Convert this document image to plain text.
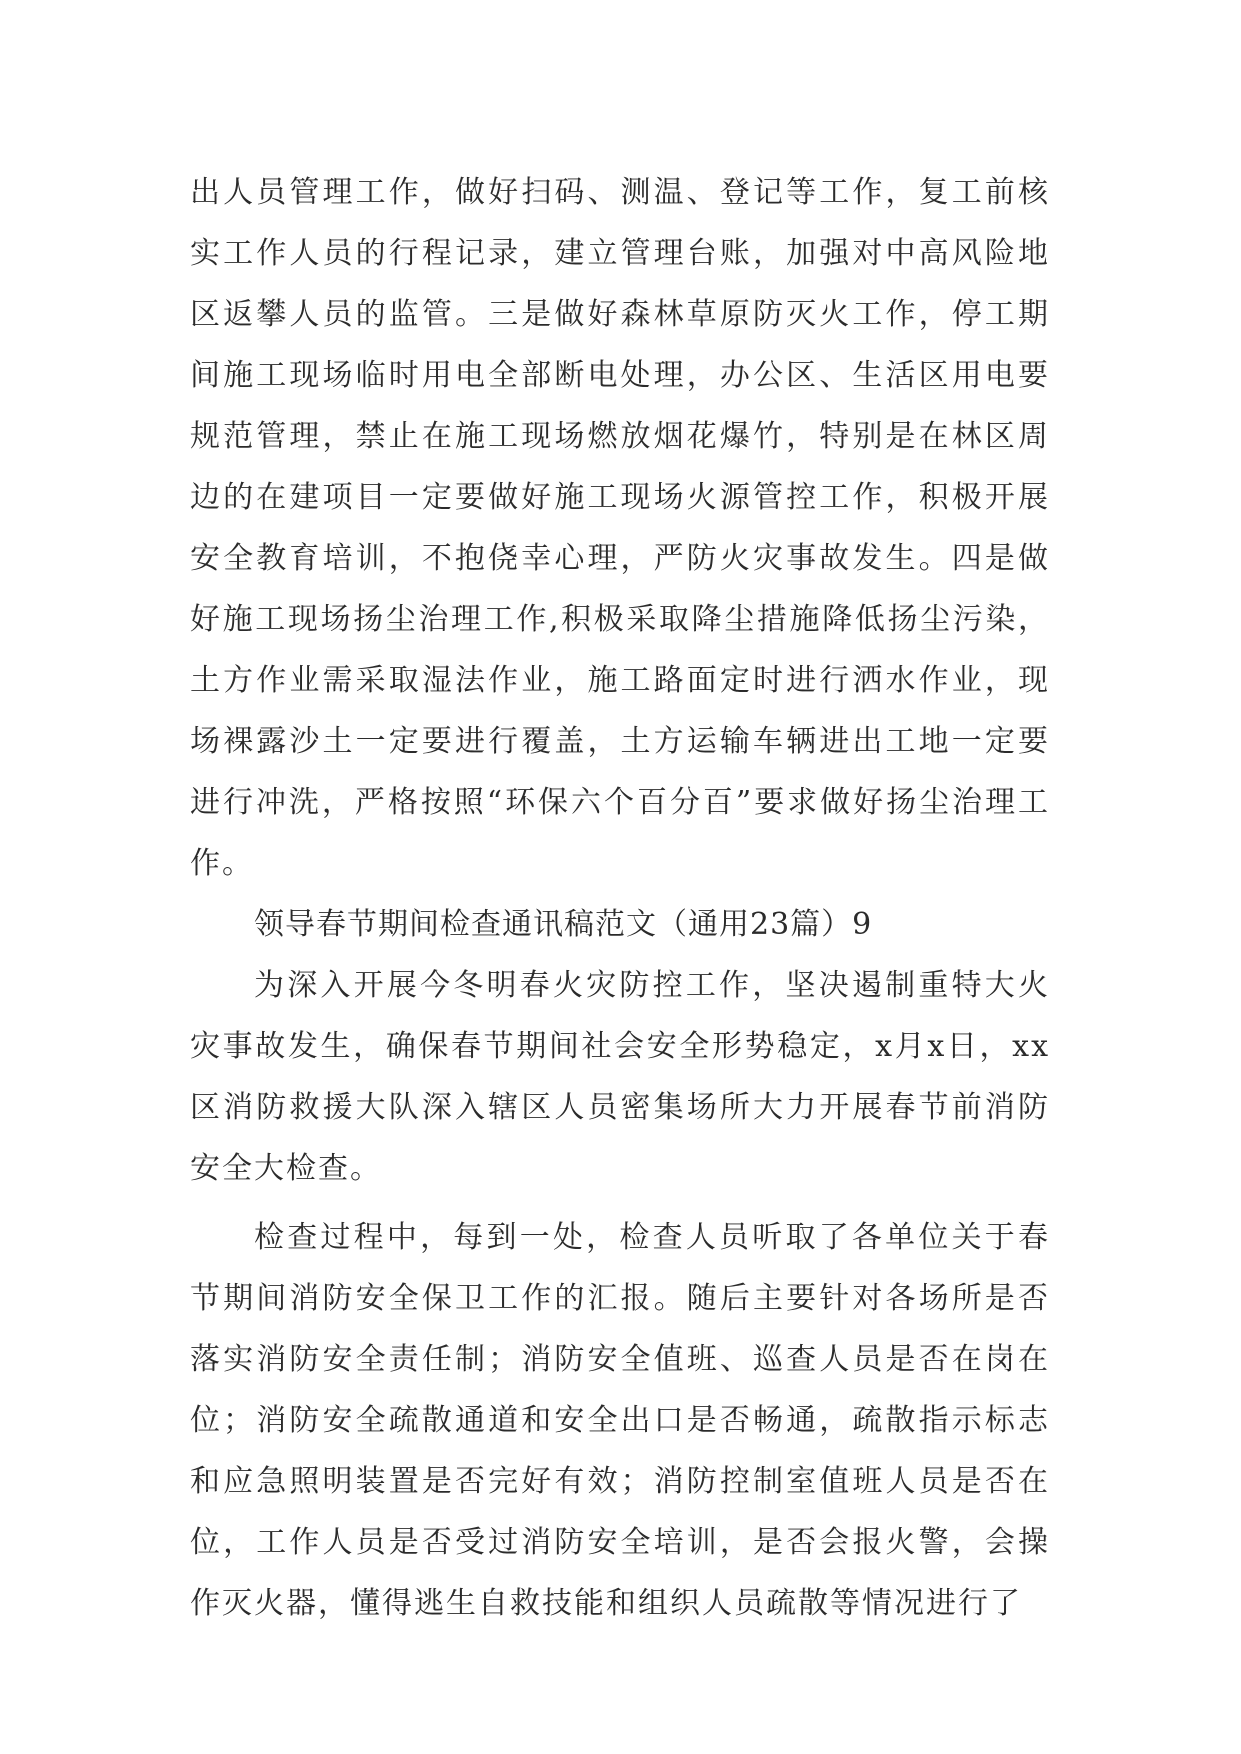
出人员管理工作，做好扫码、测温、登记等工作，复工前核实工作人员的行程记录，建立管理台账，加强对中高风险地区返攀人员的监管。三是做好森林草原防灭火工作，停工期间施工现场临时用电全部断电处理，办公区、生活区用电要规范管理，禁止在施工现场燃放烟花爆竹，特别是在林区周边的在建项目一定要做好施工现场火源管控工作，积极开展安全教育培训，不抱侥幸心理，严防火灾事故发生。四是做好施工现场扬尘治理工作,积极采取降尘措施降低扬尘污染，土方作业需采取湿法作业，施工路面定时进行洒水作业，现场裸露沙土一定要进行覆盖，土方运输车辆进出工地一定要进行冲洗，严格按照“环保六个百分百”要求做好扬尘治理工作。

领导春节期间检查通讯稿范文（通用23篇）9

为深入开展今冬明春火灾防控工作，坚决遏制重特大火灾事故发生，确保春节期间社会安全形势稳定，x月x日，xx区消防救援大队深入辖区人员密集场所大力开展春节前消防安全大检查。

检查过程中，每到一处，检查人员听取了各单位关于春节期间消防安全保卫工作的汇报。随后主要针对各场所是否落实消防安全责任制；消防安全值班、巡查人员是否在岗在位；消防安全疏散通道和安全出口是否畅通，疏散指示标志和应急照明装置是否完好有效；消防控制室值班人员是否在位，工作人员是否受过消防安全培训，是否会报火警，会操作灭火器，懂得逃生自救技能和组织人员疏散等情况进行了
